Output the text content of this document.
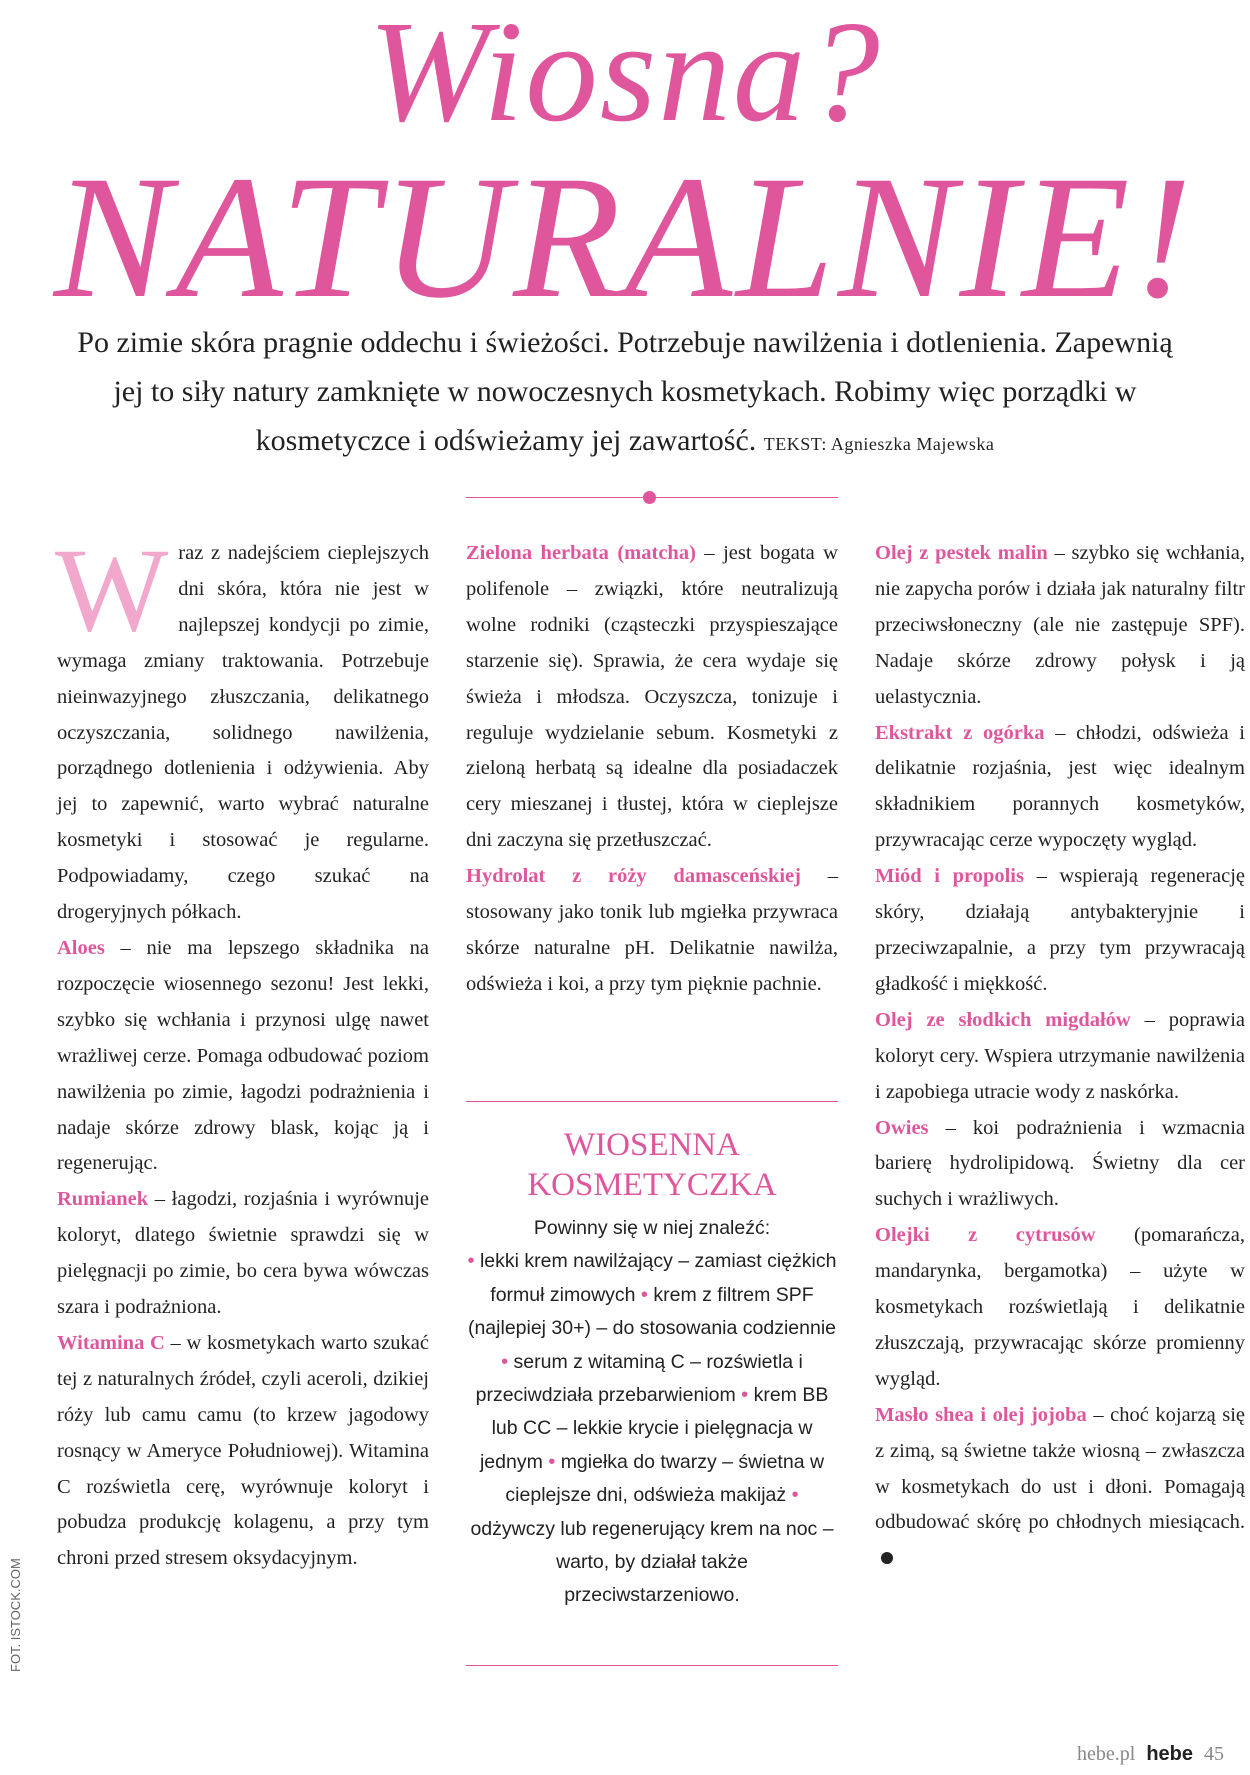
Wiosna?
NATURALNIE!
Po zimie skóra pragnie oddechu i świeżości. Potrzebuje nawilżenia i dotlenienia. Zapewnią jej to siły natury zamknięte w nowoczesnych kosmetykach. Robimy więc porządki w kosmetyczce i odświeżamy jej zawartość. TEKST: Agnieszka Majewska

Wraz z nadejściem cieplejszych dni skóra, która nie jest w najlepszej kondycji po zimie, wymaga zmiany traktowania. Potrzebuje nieinwazyjnego złuszczania, delikatnego oczyszczania, solidnego nawilżenia, porządnego dotlenienia i odżywienia. Aby jej to zapewnić, warto wybrać naturalne kosmetyki i stosować je regularne. Podpowiadamy, czego szukać na drogeryjnych półkach.

Aloes – nie ma lepszego składnika na rozpoczęcie wiosennego sezonu! Jest lekki, szybko się wchłania i przynosi ulgę nawet wrażliwej cerze. Pomaga odbudować poziom nawilżenia po zimie, łagodzi podrażnienia i nadaje skórze zdrowy blask, kojąc ją i regenerując.

Rumianek – łagodzi, rozjaśnia i wyrównuje koloryt, dlatego świetnie sprawdzi się w pielęgnacji po zimie, bo cera bywa wówczas szara i podrażniona.

Witamina C – w kosmetykach warto szukać tej z naturalnych źródeł, czyli aceroli, dzikiej róży lub camu camu (to krzew jagodowy rosnący w Ameryce Południowej). Witamina C rozświetla cerę, wyrównuje koloryt i pobudza produkcję kolagenu, a przy tym chroni przed stresem oksydacyjnym.

Zielona herbata (matcha) – jest bogata w polifenole – związki, które neutralizują wolne rodniki (cząsteczki przyspieszające starzenie się). Sprawia, że cera wydaje się świeża i młodsza. Oczyszcza, tonizuje i reguluje wydzielanie sebum. Kosmetyki z zieloną herbatą są idealne dla posiadaczek cery mieszanej i tłustej, która w cieplejsze dni zaczyna się przetłuszczać.

Hydrolat z róży damasceńskiej – stosowany jako tonik lub mgiełka przywraca skórze naturalne pH. Delikatnie nawilża, odświeża i koi, a przy tym pięknie pachnie.

WIOSENNA
KOSMETYCZKA
Powinny się w niej znaleźć:
• lekki krem nawilżający – zamiast ciężkich formuł zimowych • krem z filtrem SPF (najlepiej 30+) – do stosowania codziennie • serum z witaminą C – rozświetla i przeciwdziała przebarwieniom • krem BB lub CC – lekkie krycie i pielęgnacja w jednym • mgiełka do twarzy – świetna w cieplejsze dni, odświeża makijaż • odżywczy lub regenerujący krem na noc – warto, by działał także przeciwstarzeniowo.

Olej z pestek malin – szybko się wchłania, nie zapycha porów i działa jak naturalny filtr przeciwsłoneczny (ale nie zastępuje SPF). Nadaje skórze zdrowy połysk i ją uelastycznia.

Ekstrakt z ogórka – chłodzi, odświeża i delikatnie rozjaśnia, jest więc idealnym składnikiem porannych kosmetyków, przywracając cerze wypoczęty wygląd.

Miód i propolis – wspierają regenerację skóry, działają antybakteryjnie i przeciwzapalnie, a przy tym przywracają gładkość i miękkość.

Olej ze słodkich migdałów – poprawia koloryt cery. Wspiera utrzymanie nawilżenia i zapobiega utracie wody z naskórka.

Owies – koi podrażnienia i wzmacnia barierę hydrolipidową. Świetny dla cer suchych i wrażliwych.

Olejki z cytrusów (pomarańcza, mandarynka, bergamotka) – użyte w kosmetykach rozświetlają i delikatnie złuszczają, przywracając skórze promienny wygląd.

Masło shea i olej jojoba – choć kojarzą się z zimą, są świetne także wiosną – zwłaszcza w kosmetykach do ust i dłoni. Pomagają odbudować skórę po chłodnych miesiącach.

FOT. ISTOCK.COM
hebe.pl hebe 45
